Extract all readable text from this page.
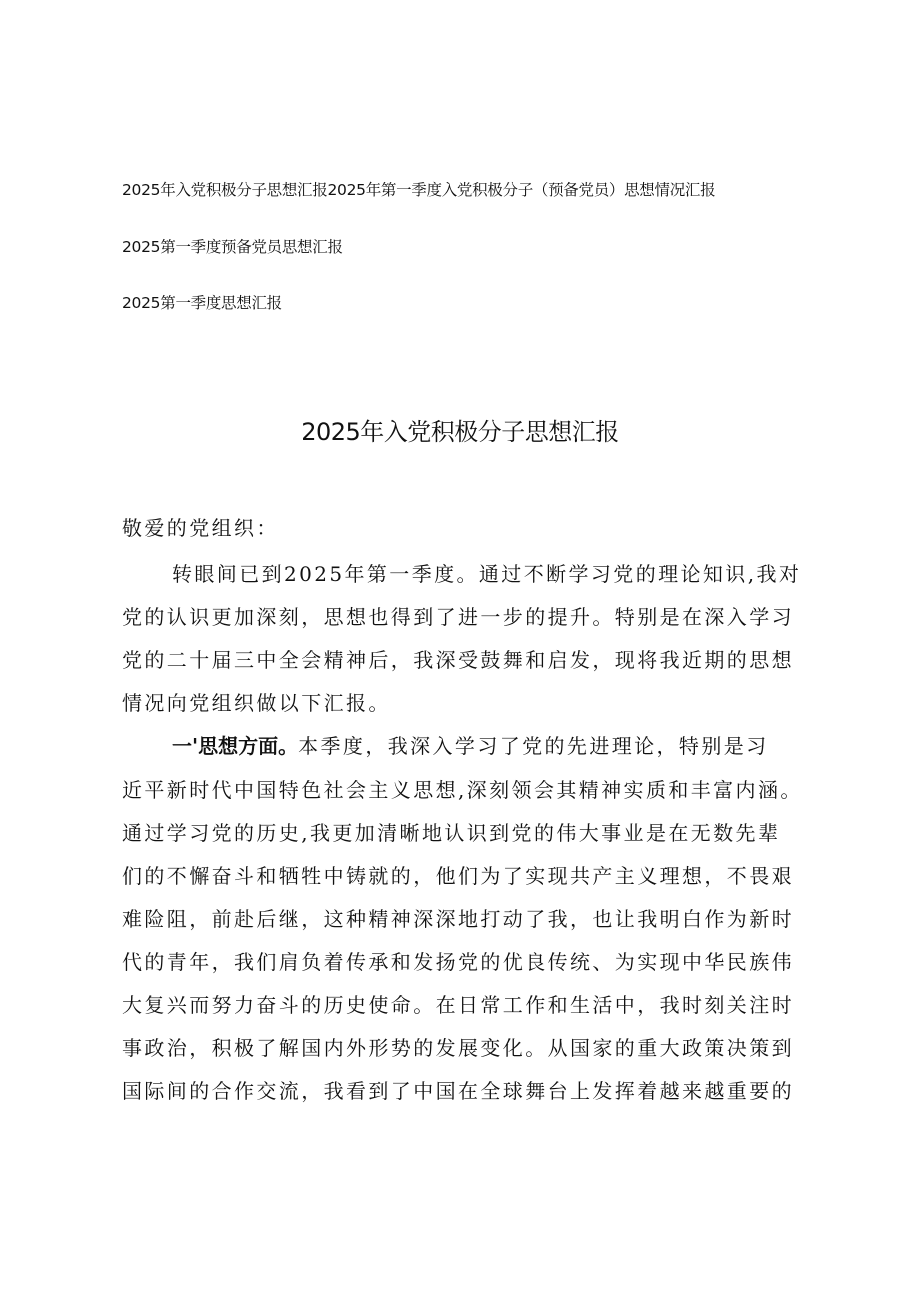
2025年入党积极分子思想汇报2025年第一季度入党积极分子（预备党员）思想情况汇报
2025第一季度预备党员思想汇报
2025第一季度思想汇报
2025年入党积极分子思想汇报
敬爱的党组织：
转眼间已到2025年第一季度。通过不断学习党的理论知识,我对
党的认识更加深刻，思想也得到了进一步的提升。特别是在深入学习
党的二十届三中全会精神后，我深受鼓舞和启发，现将我近期的思想
情况向党组织做以下汇报。
一'思想方面。本季度，我深入学习了党的先进理论，特别是习
近平新时代中国特色社会主义思想,深刻领会其精神实质和丰富内涵。
通过学习党的历史,我更加清晰地认识到党的伟大事业是在无数先辈
们的不懈奋斗和牺牲中铸就的，他们为了实现共产主义理想，不畏艰
难险阻，前赴后继，这种精神深深地打动了我，也让我明白作为新时
代的青年，我们肩负着传承和发扬党的优良传统、为实现中华民族伟
大复兴而努力奋斗的历史使命。在日常工作和生活中，我时刻关注时
事政治，积极了解国内外形势的发展变化。从国家的重大政策决策到
国际间的合作交流，我看到了中国在全球舞台上发挥着越来越重要的
